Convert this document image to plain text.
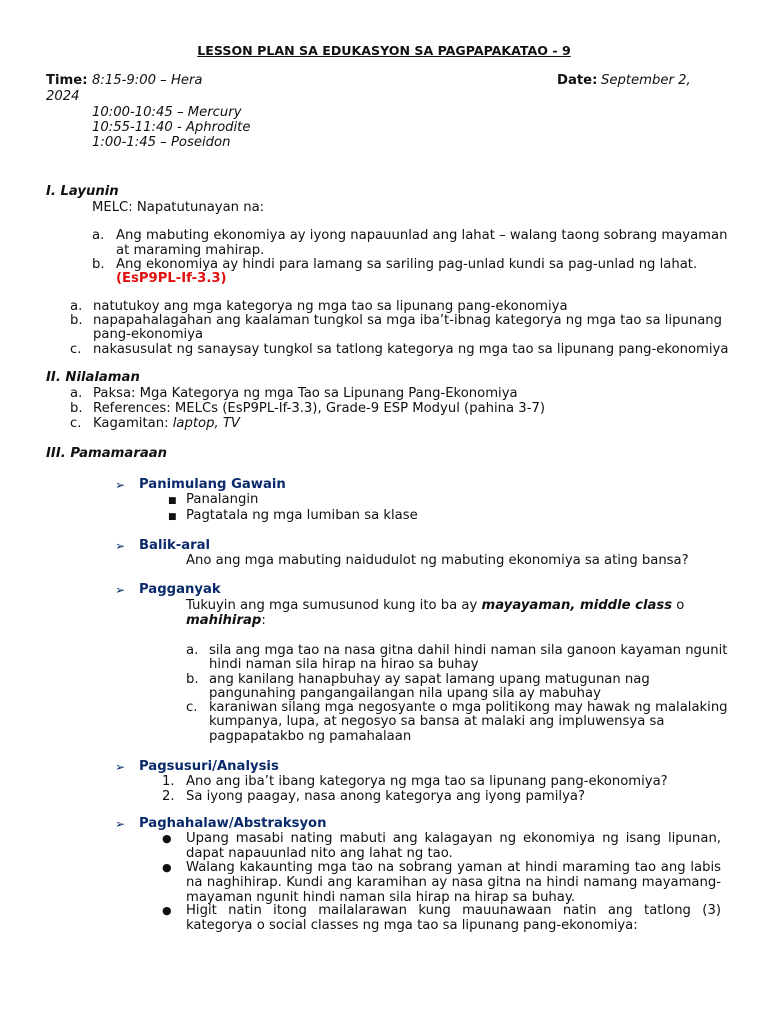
LESSON PLAN SA EDUKASYON SA PAGPAPAKATAO - 9
Time: 8:15-9:00 – Hera	Date: September 2,
2024
10:00-10:45 – Mercury
10:55-11:40 - Aphrodite
1:00-1:45 – Poseidon
I. Layunin
MELC: Napatutunayan na:
a. Ang mabuting ekonomiya ay iyong napauunlad ang lahat – walang taong sobrang mayaman
at maraming mahirap.
b. Ang ekonomiya ay hindi para lamang sa sariling pag-unlad kundi sa pag-unlad ng lahat.
(EsP9PL-If-3.3)
a. natutukoy ang mga kategorya ng mga tao sa lipunang pang-ekonomiya
b. napapahalagahan ang kaalaman tungkol sa mga iba’t-ibnag kategorya ng mga tao sa lipunang
pang-ekonomiya
c. nakasusulat ng sanaysay tungkol sa tatlong kategorya ng mga tao sa lipunang pang-ekonomiya
II. Nilalaman
a. Paksa: Mga Kategorya ng mga Tao sa Lipunang Pang-Ekonomiya
b. References: MELCs (EsP9PL-If-3.3), Grade-9 ESP Modyul (pahina 3-7)
c. Kagamitan: laptop, TV
III. Pamamaraan
➢ Panimulang Gawain
■ Panalangin
■ Pagtatala ng mga lumiban sa klase
➢ Balik-aral
Ano ang mga mabuting naidudulot ng mabuting ekonomiya sa ating bansa?
➢ Pagganyak
Tukuyin ang mga sumusunod kung ito ba ay mayayaman, middle class o
mahihirap:
a. sila ang mga tao na nasa gitna dahil hindi naman sila ganoon kayaman ngunit
hindi naman sila hirap na hirao sa buhay
b. ang kanilang hanapbuhay ay sapat lamang upang matugunan nag
pangunahing pangangailangan nila upang sila ay mabuhay
c. karaniwan silang mga negosyante o mga politikong may hawak ng malalaking
kumpanya, lupa, at negosyo sa bansa at malaki ang impluwensya sa
pagpapatakbo ng pamahalaan
➢ Pagsusuri/Analysis
1. Ano ang iba’t ibang kategorya ng mga tao sa lipunang pang-ekonomiya?
2. Sa iyong paagay, nasa anong kategorya ang iyong pamilya?
➢ Paghahalaw/Abstraksyon
● Upang masabi nating mabuti ang kalagayan ng ekonomiya ng isang lipunan, dapat napauunlad nito ang lahat ng tao.
● Walang kakaunting mga tao na sobrang yaman at hindi maraming tao ang labis na naghihirap. Kundi ang karamihan ay nasa gitna na hindi namang mayamang-mayaman ngunit hindi naman sila hirap na hirap sa buhay.
● Higit natin itong mailalarawan kung mauunawaan natin ang tatlong (3) kategorya o social classes ng mga tao sa lipunang pang-ekonomiya:
